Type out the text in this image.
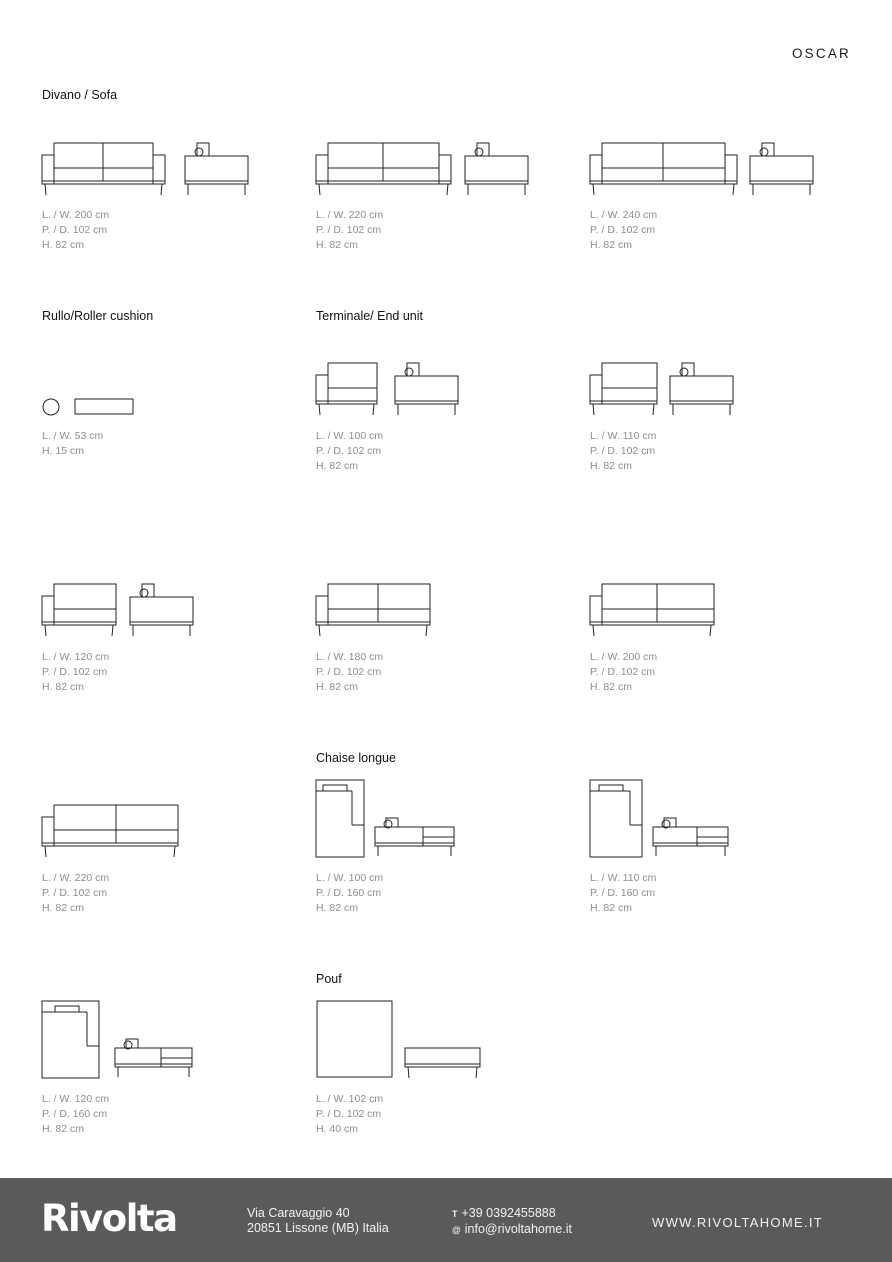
OSCAR
Divano / Sofa
Rullo/Roller cushion	Terminale/ End unit
Chaise longue
Pouf
L. / W. 200 cm
P. / D. 102 cm
H. 82 cm
L. / W. 220 cm
P. / D. 102 cm
H. 82 cm
L. / W. 240 cm
P. / D. 102 cm
H. 82 cm
L. / W. 53 cm
H. 15 cm
L. / W. 100 cm
P. / D. 102 cm
H. 82 cm
L. / W. 110 cm
P. / D. 102 cm
H. 82 cm
L. / W. 120 cm
P. / D. 102 cm
H. 82 cm
L. / W. 180 cm
P. / D. 102 cm
H. 82 cm
L. / W. 200 cm
P. / D. 102 cm
H. 82 cm
L. / W. 220 cm
P. / D. 102 cm
H. 82 cm
L. / W. 100 cm
P. / D. 160 cm
H. 82 cm
L. / W. 110 cm
P. / D. 160 cm
H. 82 cm
L. / W. 120 cm
P. / D. 160 cm
H. 82 cm
L. / W. 102 cm
P. / D. 102 cm
H. 40 cm
Rivolta	Via Caravaggio 40
20851 Lissone (MB) Italia
T +39 0392455888
@ info@rivoltahome.it	WWW.RIVOLTAHOME.IT
